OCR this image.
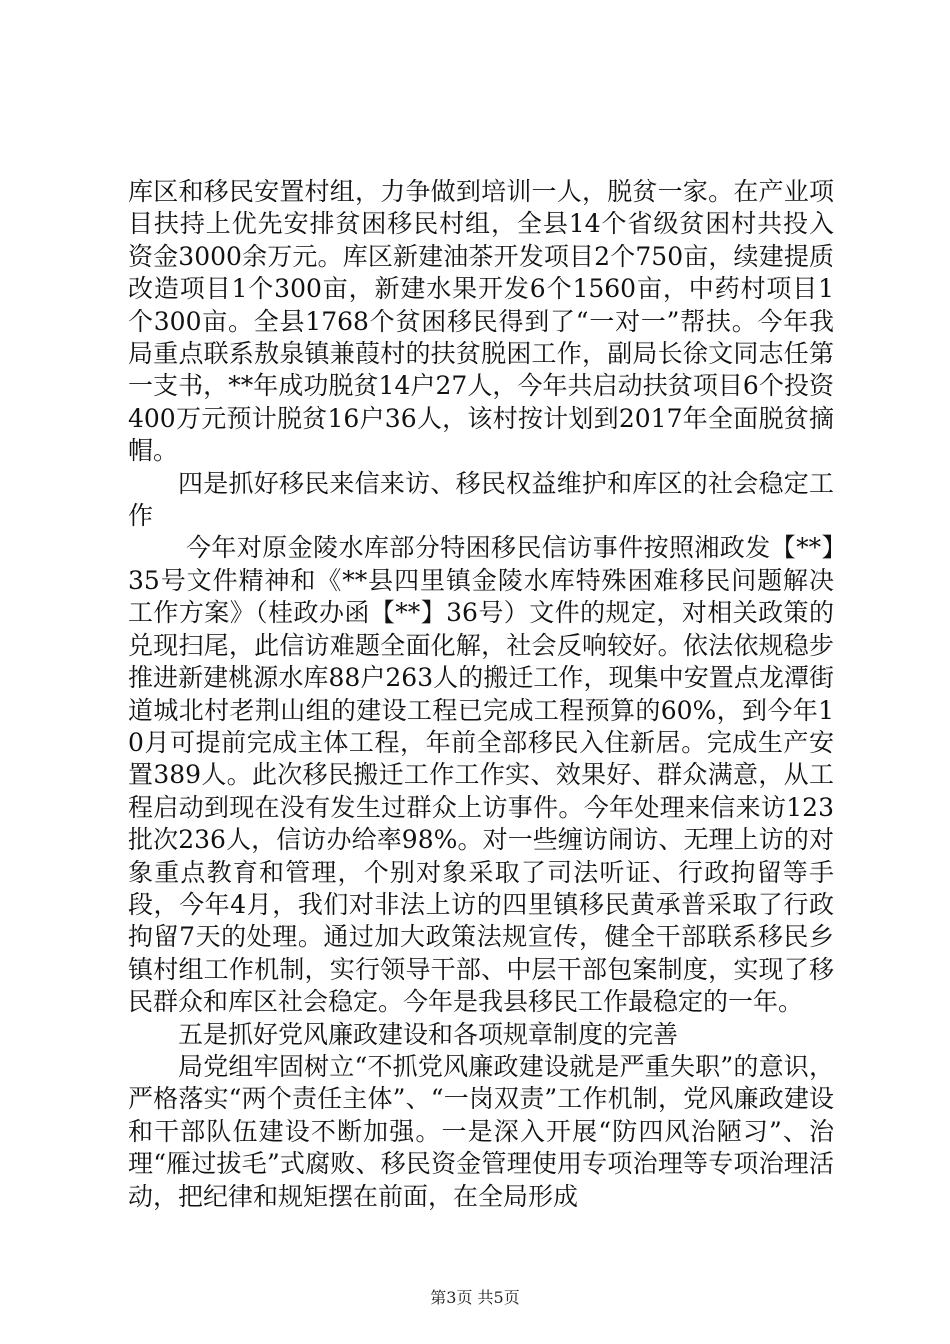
库区和移民安置村组，力争做到培训一人，脱贫一家。在产业项目扶持上优先安排贫困移民村组，全县14个省级贫困村共投入资金3000余万元。库区新建油茶开发项目2个750亩，续建提质改造项目1个300亩，新建水果开发6个1560亩，中药村项目1个300亩。全县1768个贫困移民得到了“一对一”帮扶。今年我局重点联系敖泉镇兼葭村的扶贫脱困工作，副局长徐文同志任第一支书，**年成功脱贫14户27人，今年共启动扶贫项目6个投资400万元预计脱贫16户36人，该村按计划到2017年全面脱贫摘帽。

四是抓好移民来信来访、移民权益维护和库区的社会稳定工作

今年对原金陵水库部分特困移民信访事件按照湘政发【**】35号文件精神和《**县四里镇金陵水库特殊困难移民问题解决工作方案》（桂政办函【**】36号）文件的规定，对相关政策的兑现扫尾，此信访难题全面化解，社会反响较好。依法依规稳步推进新建桃源水库88户263人的搬迁工作，现集中安置点龙潭街道城北村老荆山组的建设工程已完成工程预算的60%，到今年10月可提前完成主体工程，年前全部移民入住新居。完成生产安置389人。此次移民搬迁工作工作实、效果好、群众满意，从工程启动到现在没有发生过群众上访事件。今年处理来信来访123批次236人，信访办给率98%。对一些缠访闹访、无理上访的对象重点教育和管理，个别对象采取了司法听证、行政拘留等手段，今年4月，我们对非法上访的四里镇移民黄承普采取了行政拘留7天的处理。通过加大政策法规宣传，健全干部联系移民乡镇村组工作机制，实行领导干部、中层干部包案制度，实现了移民群众和库区社会稳定。今年是我县移民工作最稳定的一年。

五是抓好党风廉政建设和各项规章制度的完善

局党组牢固树立“不抓党风廉政建设就是严重失职”的意识，严格落实“两个责任主体”、“一岗双责”工作机制，党风廉政建设和干部队伍建设不断加强。一是深入开展“防四风治陋习”、治理“雁过拔毛”式腐败、移民资金管理使用专项治理等专项治理活动，把纪律和规矩摆在前面，在全局形成

第3页 共5页
